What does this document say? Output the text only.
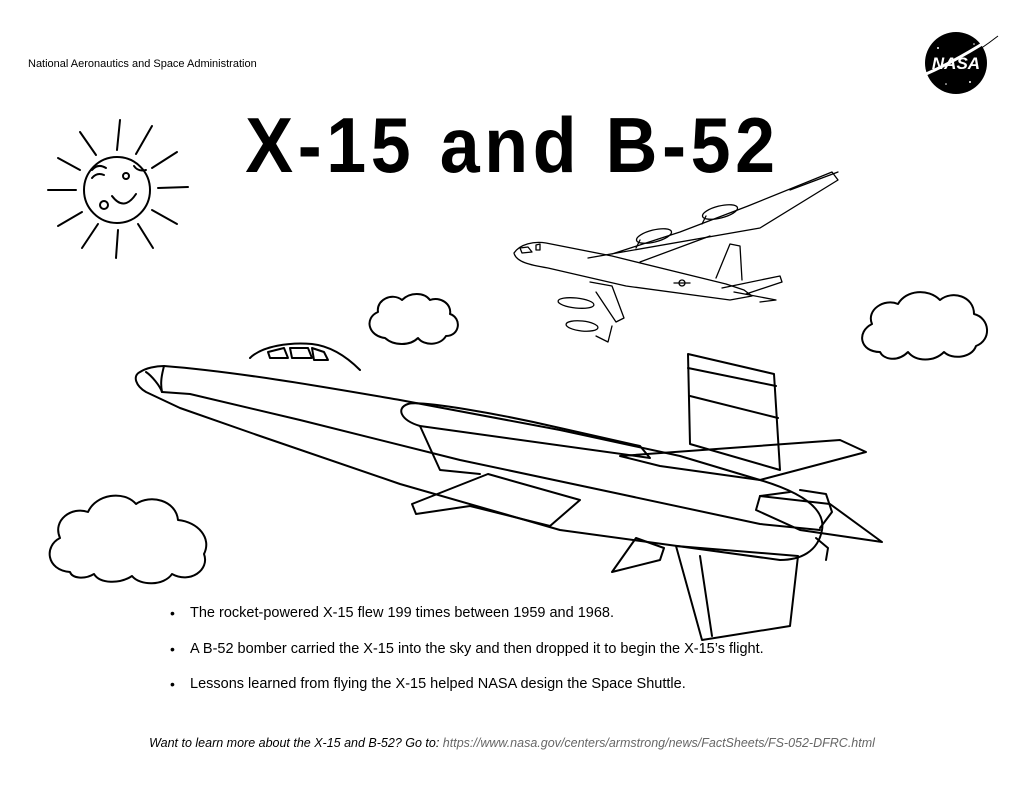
National Aeronautics and Space Administration	NASA
X-15 and B-52
• The rocket-powered X-15 flew 199 times between 1959 and 1968.
• A B-52 bomber carried the X-15 into the sky and then dropped it to begin the X-15’s flight.
• Lessons learned from flying the X-15 helped NASA design the Space Shuttle.
Want to learn more about the X-15 and B-52? Go to: https://www.nasa.gov/centers/armstrong/news/FactSheets/FS-052-DFRC.html
